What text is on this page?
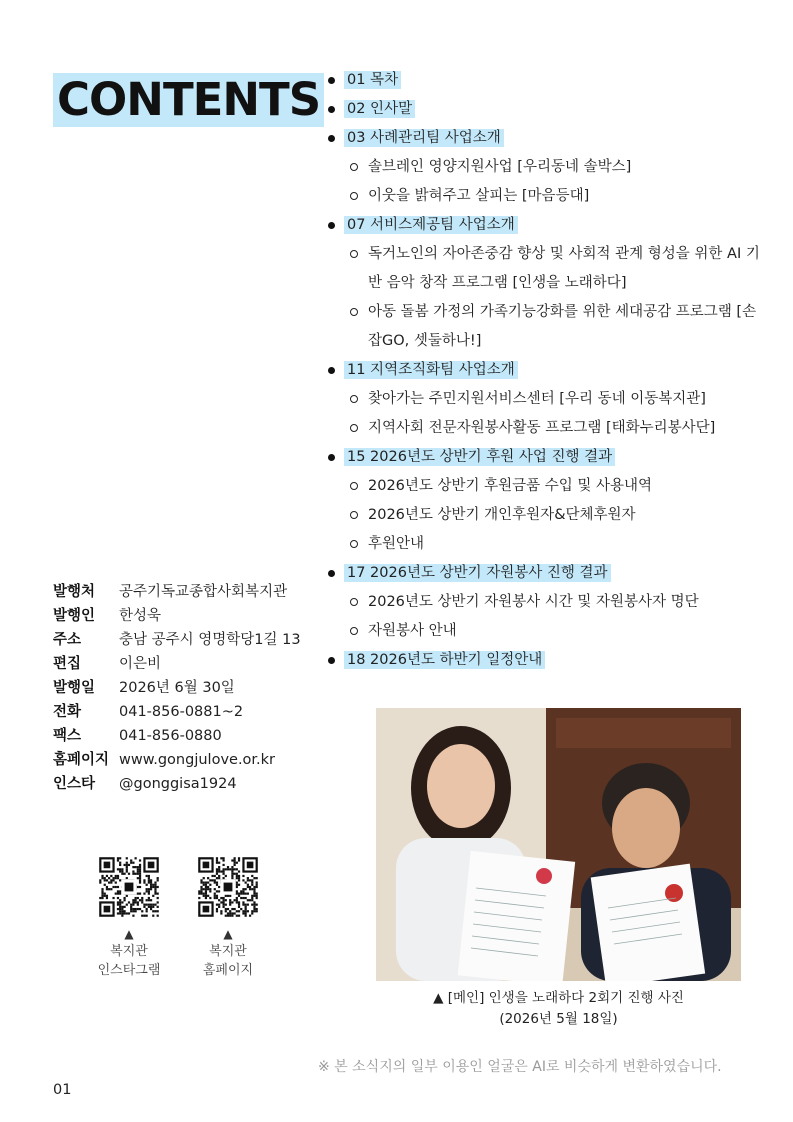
CONTENTS	01 목차
02 인사말
03 사례관리팀 사업소개
솔브레인 영양지원사업 [우리동네 솔박스]
이웃을 밝혀주고 살피는 [마음등대]
07 서비스제공팀 사업소개
독거노인의 자아존중감 향상 및 사회적 관계 형성을 위한 AI 기반 음악 창작 프로그램 [인생을 노래하다]
아동 돌봄 가정의 가족기능강화를 위한 세대공감 프로그램 [손잡GO, 셋둘하나!]
11 지역조직화팀 사업소개
찾아가는 주민지원서비스센터 [우리 동네 이동복지관]
지역사회 전문자원봉사활동 프로그램 [태화누리봉사단]
15 2026년도 상반기 후원 사업 진행 결과
2026년도 상반기 후원금품 수입 및 사용내역
2026년도 상반기 개인후원자&단체후원자
후원안내
17 2026년도 상반기 자원봉사 진행 결과
2026년도 상반기 자원봉사 시간 및 자원봉사자 명단
자원봉사 안내
18 2026년도 하반기 일정안내
발행처	공주기독교종합사회복지관
발행인	한성욱
주소	충남 공주시 영명학당1길 13
편집	이은비
발행일	2026년 6월 30일
전화	041-856-0881~2
팩스	041-856-0880
홈페이지 www.gongjulove.or.kr
인스타	@gonggisa1924
▲
복지관
인스타그램
▲
복지관
홈페이지
▲ [메인] 인생을 노래하다 2회기 진행 사진
(2026년 5월 18일)
※ 본 소식지의 일부 이용인 얼굴은 AI로 비슷하게 변환하였습니다.
01
